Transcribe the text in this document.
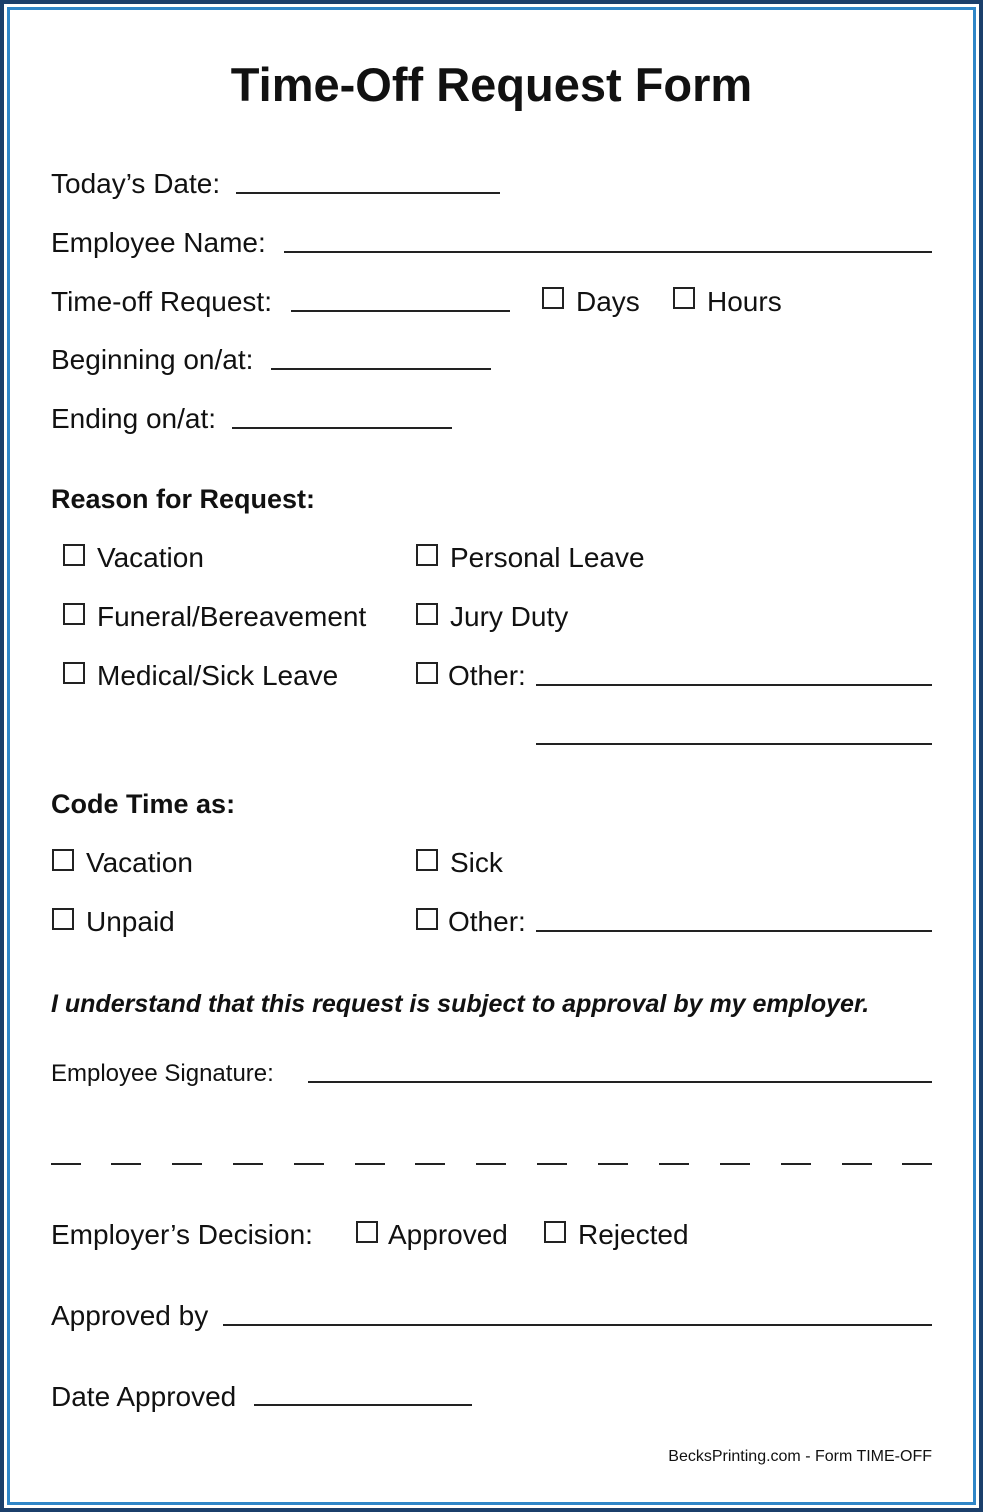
Time-Off Request Form
Today’s Date:
Employee Name:
Time-off Request:	Days Hours
Beginning on/at:
Ending on/at:
Reason for Request:
Vacation
Funeral/Bereavement
Medical/Sick Leave
Personal Leave
Jury Duty
Other:
Code Time as:
Vacation
Unpaid
Sick
Other:
I understand that this request is subject to approval by my employer.
Employee Signature:
Employer’s Decision:	Approved	Rejected
Approved by
Date Approved
BecksPrinting.com - Form TIME-OFF
